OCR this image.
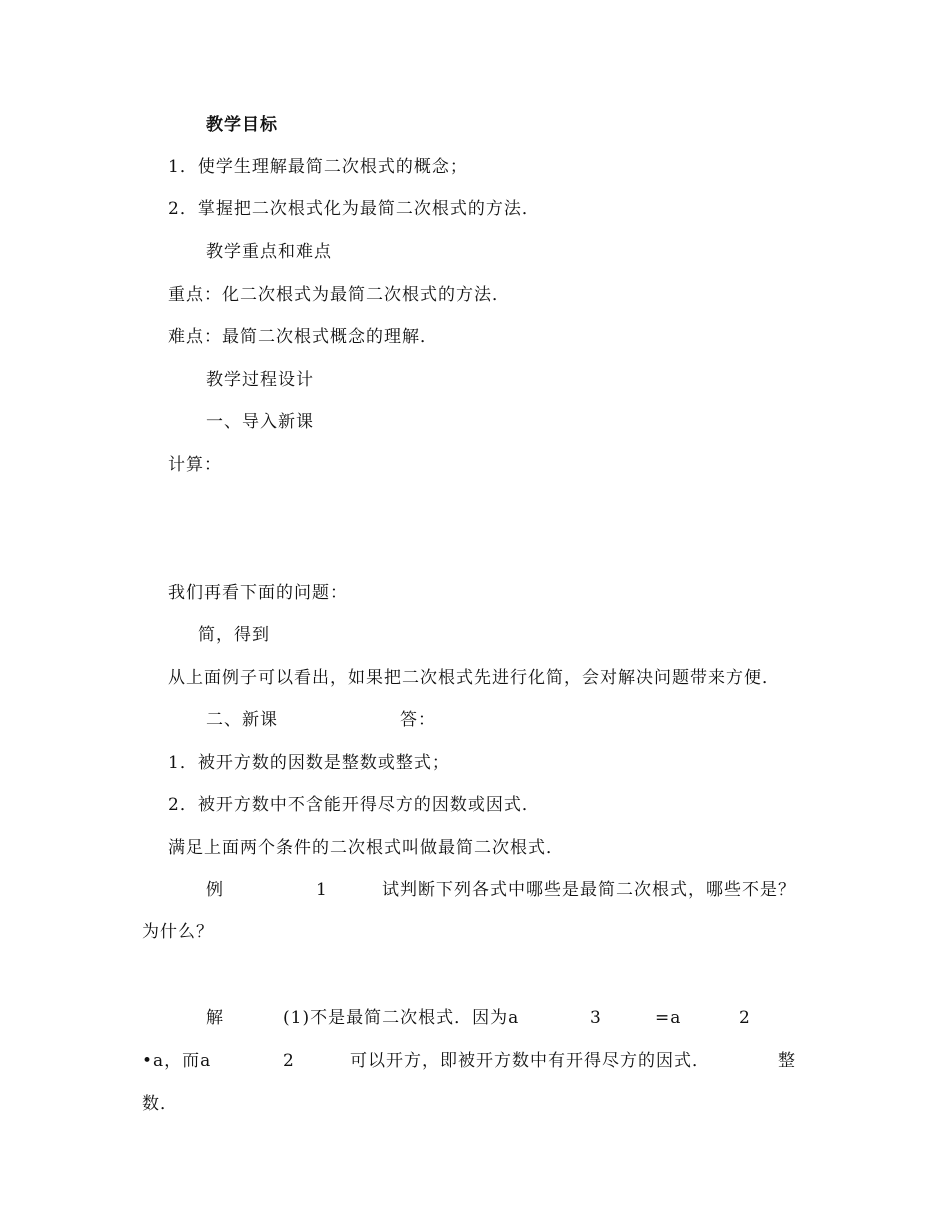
教学目标
1．使学生理解最简二次根式的概念；
2．掌握把二次根式化为最简二次根式的方法．
教学重点和难点
重点：化二次根式为最简二次根式的方法．
难点：最简二次根式概念的理解．
教学过程设计
一、导入新课
计算：
我们再看下面的问题：
简，得到
从上面例子可以看出，如果把二次根式先进行化简，会对解决问题带来方便．
二、新课	答：
1．被开方数的因数是整数或整式；
2．被开方数中不含能开得尽方的因数或因式．
满足上面两个条件的二次根式叫做最简二次根式．
例	1	试判断下列各式中哪些是最简二次根式，哪些不是？
为什么？
解	(1)不是最简二次根式．因为a	3	=a	2
•a，而a	2	可以开方，即被开方数中有开得尽方的因式．	整
数．
